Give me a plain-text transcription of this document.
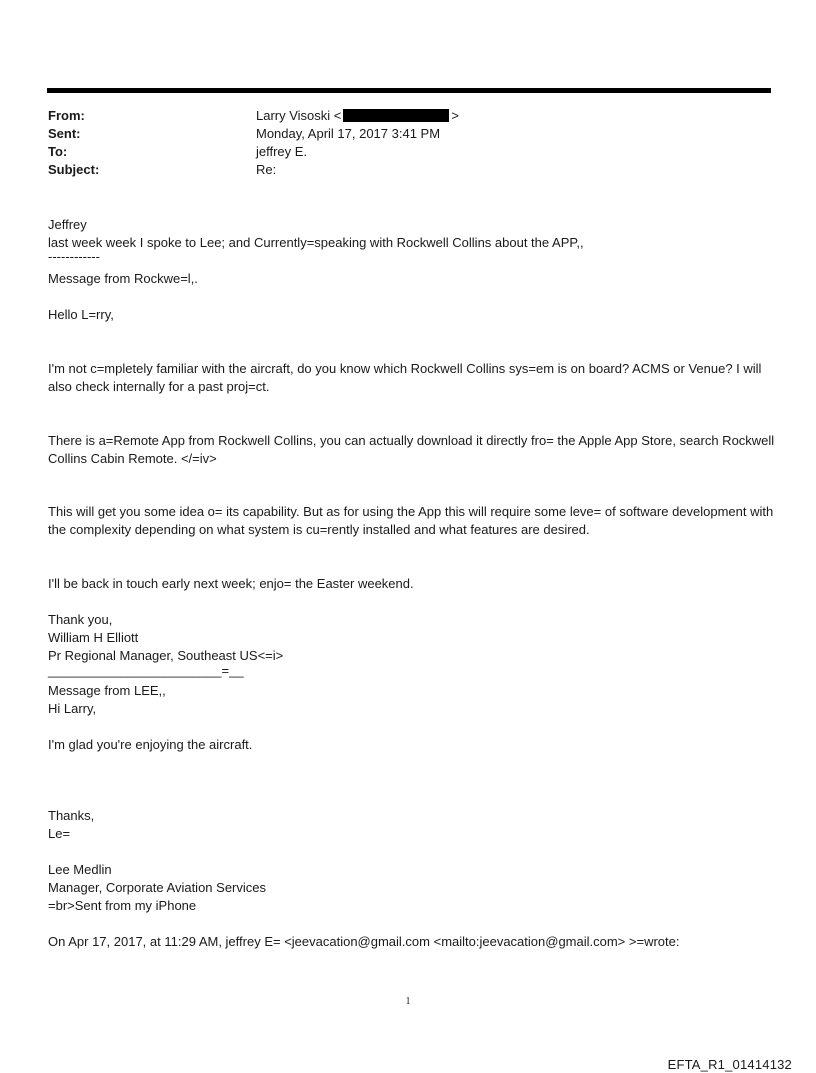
From:	Larry Visoski <	>
Sent:	Monday, April 17, 2017 3:41 PM
To:	jeffrey E.
Subject:	Re:

Jeffrey

last week week I spoke to Lee; and Currently=speaking with Rockwell Collins about the APP,,

------------

Message from Rockwe=l,.

Hello L=rry,

I'm not c=mpletely familiar with the aircraft, do you know which Rockwell Collins sys=em is on board? ACMS or Venue? I will also check internally for a past proj=ct.

There is a=Remote App from Rockwell Collins, you can actually download it directly fro= the Apple App Store, search Rockwell Collins Cabin Remote. </=iv>

This will get you some idea o= its capability. But as for using the App this will require some leve= of software development with the complexity depending on what system is cu=rently installed and what features are desired.

I'll be back in touch early next week; enjo= the Easter weekend.

Thank you,

William H Elliott

Pr Regional Manager, Southeast US<=i>

________________________=__

Message from LEE,,

Hi Larry,

I'm glad you're enjoying the aircraft.

Thanks,

Le=

Lee Medlin

Manager, Corporate Aviation Services

=br>Sent from my iPhone

On Apr 17, 2017, at 11:29 AM, jeffrey E= <jeevacation@gmail.com <mailto:jeevacation@gmail.com> >=wrote:

1
EFTA_R1_01414132
